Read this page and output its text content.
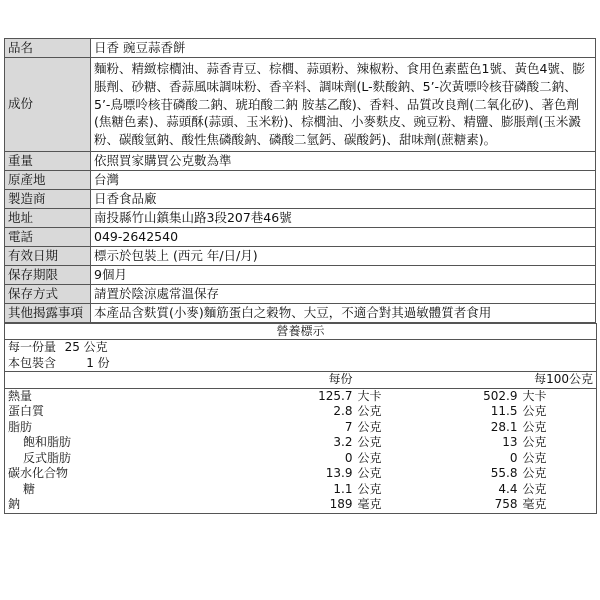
品名	日香 豌豆蒜香餅
成份	麵粉、精緻棕櫚油、蒜香青豆、棕櫚、蒜頭粉、辣椒粉、食用色素藍色1號、黃色4號、膨脹劑、砂糖、香蒜風味調味粉、香辛料、調味劑(L-麩酸鈉、5’-次黃嘌呤核苷磷酸二鈉、5’-鳥嘌呤核苷磷酸二鈉、琥珀酸二鈉 胺基乙酸)、香料、品質改良劑(二氧化矽)、著色劑(焦糖色素)、蒜頭酥(蒜頭、玉米粉)、棕櫚油、小麥麩皮、豌豆粉、精鹽、膨脹劑(玉米澱粉、碳酸氫鈉、酸性焦磷酸鈉、磷酸二氫鈣、碳酸鈣)、甜味劑(蔗糖素)。
重量	依照買家購買公克數為準
原產地	台灣
製造商	日香食品廠
地址	南投縣竹山鎮集山路3段207巷46號
電話	049-2642540
有效日期	標示於包裝上 (西元 年/日/月)
保存期限	9個月
保存方式	請置於陰涼處常溫保存
其他揭露事項	本產品含麩質(小麥)麵筋蛋白之穀物、大豆，不適合對其過敏體質者食用
營養標示				
每一份量 25 公克				
本包裝含 1 份				
	每份		每100公克	
熱量	125.7	大卡	502.9	大卡
蛋白質	2.8	公克	11.5	公克
脂肪	7	公克	28.1	公克
飽和脂肪	3.2	公克	13	公克
反式脂肪	0	公克	0	公克
碳水化合物	13.9	公克	55.8	公克
糖	1.1	公克	4.4	公克
鈉	189	毫克	758	毫克
